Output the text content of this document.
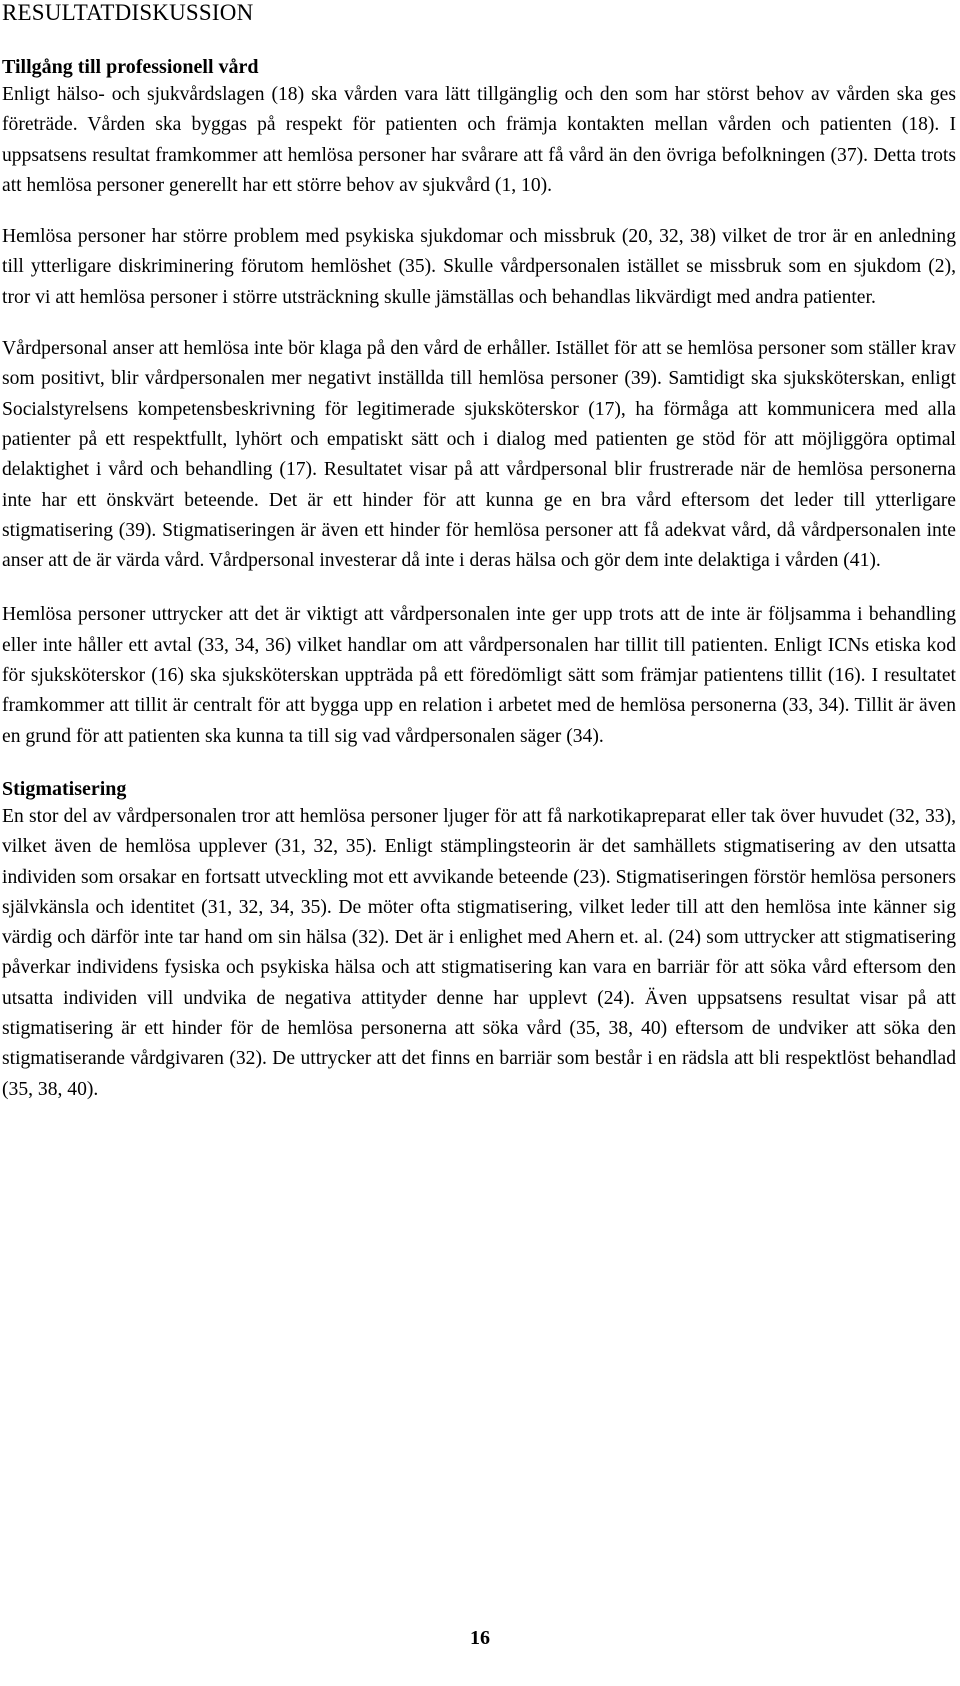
RESULTATDISKUSSION
Tillgång till professionell vård

Enligt hälso- och sjukvårdslagen (18) ska vården vara lätt tillgänglig och den som har störst behov av vården ska ges företräde. Vården ska byggas på respekt för patienten och främja kontakten mellan vården och patienten (18). I uppsatsens resultat framkommer att hemlösa personer har svårare att få vård än den övriga befolkningen (37). Detta trots att hemlösa personer generellt har ett större behov av sjukvård (1, 10).

Hemlösa personer har större problem med psykiska sjukdomar och missbruk (20, 32, 38) vilket de tror är en anledning till ytterligare diskriminering förutom hemlöshet (35). Skulle vårdpersonalen istället se missbruk som en sjukdom (2), tror vi att hemlösa personer i större utsträckning skulle jämställas och behandlas likvärdigt med andra patienter.

Vårdpersonal anser att hemlösa inte bör klaga på den vård de erhåller. Istället för att se hemlösa personer som ställer krav som positivt, blir vårdpersonalen mer negativt inställda till hemlösa personer (39). Samtidigt ska sjuksköterskan, enligt Socialstyrelsens kompetensbeskrivning för legitimerade sjuksköterskor (17), ha förmåga att kommunicera med alla patienter på ett respektfullt, lyhört och empatiskt sätt och i dialog med patienten ge stöd för att möjliggöra optimal delaktighet i vård och behandling (17). Resultatet visar på att vårdpersonal blir frustrerade när de hemlösa personerna inte har ett önskvärt beteende. Det är ett hinder för att kunna ge en bra vård eftersom det leder till ytterligare stigmatisering (39). Stigmatiseringen är även ett hinder för hemlösa personer att få adekvat vård, då vårdpersonalen inte anser att de är värda vård. Vårdpersonal investerar då inte i deras hälsa och gör dem inte delaktiga i vården (41).

Hemlösa personer uttrycker att det är viktigt att vårdpersonalen inte ger upp trots att de inte är följsamma i behandling eller inte håller ett avtal (33, 34, 36) vilket handlar om att vårdpersonalen har tillit till patienten. Enligt ICNs etiska kod för sjuksköterskor (16) ska sjuksköterskan uppträda på ett föredömligt sätt som främjar patientens tillit (16). I resultatet framkommer att tillit är centralt för att bygga upp en relation i arbetet med de hemlösa personerna (33, 34). Tillit är även en grund för att patienten ska kunna ta till sig vad vårdpersonalen säger (34).

Stigmatisering

En stor del av vårdpersonalen tror att hemlösa personer ljuger för att få narkotikapreparat eller tak över huvudet (32, 33), vilket även de hemlösa upplever (31, 32, 35). Enligt stämplingsteorin är det samhällets stigmatisering av den utsatta individen som orsakar en fortsatt utveckling mot ett avvikande beteende (23). Stigmatiseringen förstör hemlösa personers självkänsla och identitet (31, 32, 34, 35). De möter ofta stigmatisering, vilket leder till att den hemlösa inte känner sig värdig och därför inte tar hand om sin hälsa (32). Det är i enlighet med Ahern et. al. (24) som uttrycker att stigmatisering påverkar individens fysiska och psykiska hälsa och att stigmatisering kan vara en barriär för att söka vård eftersom den utsatta individen vill undvika de negativa attityder denne har upplevt (24). Även uppsatsens resultat visar på att stigmatisering är ett hinder för de hemlösa personerna att söka vård (35, 38, 40) eftersom de undviker att söka den stigmatiserande vårdgivaren (32). De uttrycker att det finns en barriär som består i en rädsla att bli respektlöst behandlad (35, 38, 40).

16
